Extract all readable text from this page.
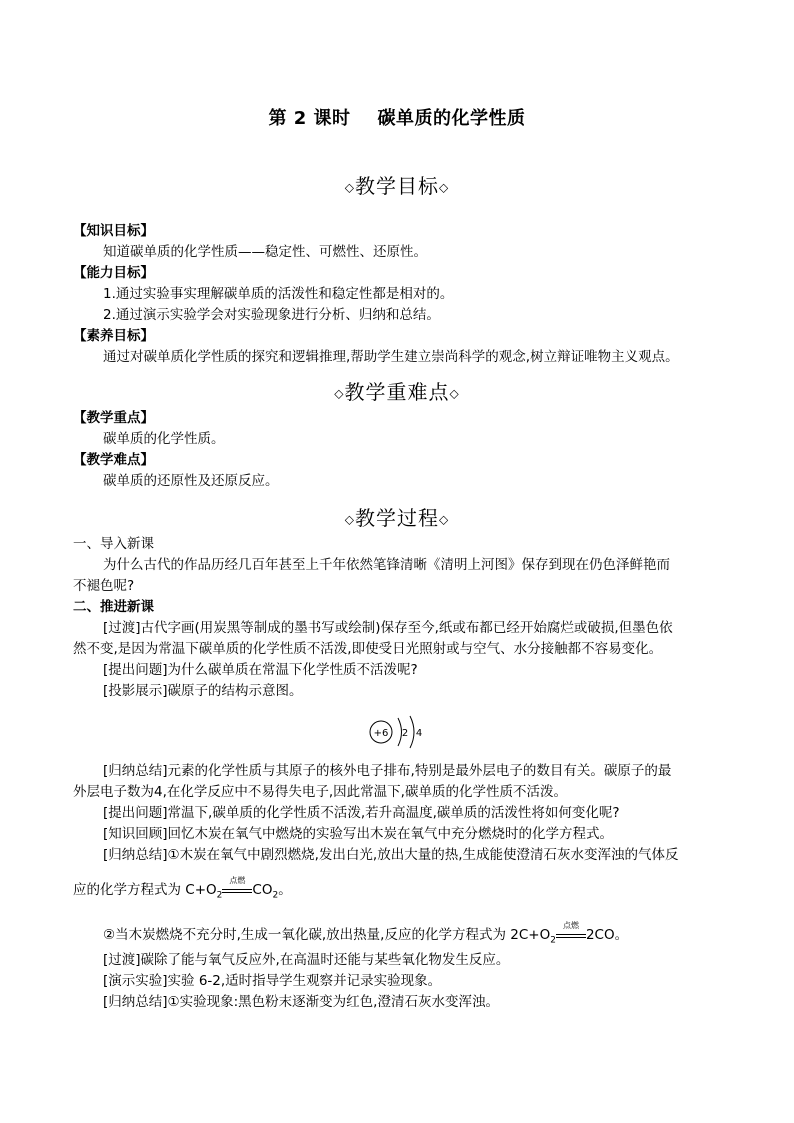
第 2 课时    碳单质的化学性质
◇教学目标◇
【知识目标】
知道碳单质的化学性质——稳定性、可燃性、还原性。
【能力目标】
1.通过实验事实理解碳单质的活泼性和稳定性都是相对的。
2.通过演示实验学会对实验现象进行分析、归纳和总结。
【素养目标】
通过对碳单质化学性质的探究和逻辑推理,帮助学生建立崇尚科学的观念,树立辩证唯物主义观点。
◇教学重难点◇
【教学重点】
碳单质的化学性质。
【教学难点】
碳单质的还原性及还原反应。
◇教学过程◇
一、导入新课
为什么古代的作品历经几百年甚至上千年依然笔锋清晰《清明上河图》保存到现在仍色泽鲜艳而
不褪色呢?
二、推进新课
[过渡]古代字画(用炭黑等制成的墨书写或绘制)保存至今,纸或布都已经开始腐烂或破损,但墨色依
然不变,是因为常温下碳单质的化学性质不活泼,即使受日光照射或与空气、水分接触都不容易变化。
[提出问题]为什么碳单质在常温下化学性质不活泼呢?
[投影展示]碳原子的结构示意图。
+6 2 4
[归纳总结]元素的化学性质与其原子的核外电子排布,特别是最外层电子的数目有关。碳原子的最
外层电子数为4,在化学反应中不易得失电子,因此常温下,碳单质的化学性质不活泼。
[提出问题]常温下,碳单质的化学性质不活泼,若升高温度,碳单质的活泼性将如何变化呢?
[知识回顾]回忆木炭在氧气中燃烧的实验写出木炭在氧气中充分燃烧时的化学方程式。
[归纳总结]①木炭在氧气中剧烈燃烧,发出白光,放出大量的热,生成能使澄清石灰水变浑浊的气体反
应的化学方程式为 $C+O_2$
点燃
$CO_2$。
②当木炭燃烧不充分时,生成一氧化碳,放出热量,反应的化学方程式为 $2C+O_2$
点燃
2CO。
[过渡]碳除了能与氧气反应外,在高温时还能与某些氧化物发生反应。
[演示实验]实验 6-2,适时指导学生观察并记录实验现象。
[归纳总结]①实验现象:黑色粉末逐渐变为红色,澄清石灰水变浑浊。
